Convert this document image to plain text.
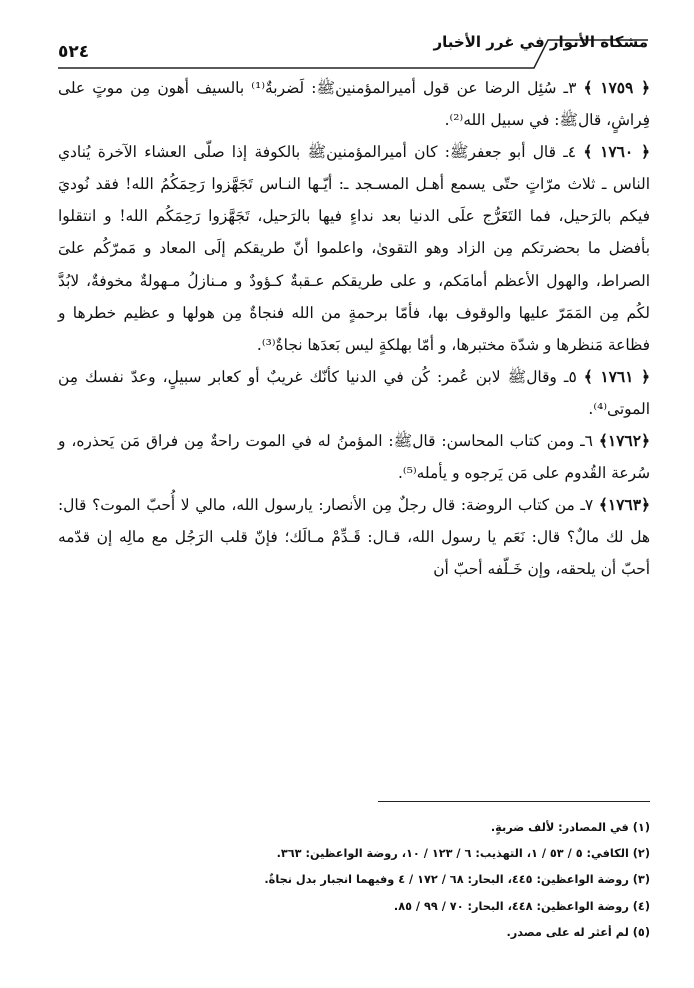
مشكاة الأنوار في غرر الأخبار
٥٢٤

﴿ ١٧٥٩ ﴾ ٣ـ سُئِل الرضا عن قول أميرالمؤمنينﷺ: لَضربةٌ⁽¹⁾ بالسيف أهون مِن موتٍ على فِراشٍ، قالﷺ: في سبيل الله⁽²⁾.

﴿ ١٧٦٠ ﴾ ٤ـ قال أبو جعفرﷺ: كان أميرالمؤمنينﷺ بالكوفة إذا صلّى العشاء الآخرة يُنادي الناس ـ ثلاث مرّاتٍ حتّى يسمع أهـل المسـجد ـ: أيّـها النـاس تَجَهَّزوا رَحِمَكُمُ الله! فقد نُوديَ فيكم بالرَحيل، فما التَعَرُّج علَى الدنيا بعد نداءٍ فيها بالرَحيل، تَجَهَّزوا رَحِمَكُم الله! و انتقلوا بأفضل ما بحضرتكم مِن الزاد وهو التقوىٰ، واعلموا أنّ طريقكم إلَى المعاد و مَمرّكُم علىَ الصراط، والهول الأعظم أمامَكم، و على طريقكم عـقبةٌ كـؤودٌ و مـنازلُ مـهولةٌ مخوفةٌ، لابُدَّ لكُم مِن المَمَرّ عليها والوقوف بها، فأمّا برحمةٍ من الله فنجاةٌ مِن هولها و عظيم خطرها و فظاعة مَنظرها و شدّة مختبرها، و أمّا بهلكةٍ ليس بَعدَها نجاةٌ⁽³⁾.

﴿ ١٧٦١ ﴾ ٥ـ وقالﷺ لابن عُمر: كُن في الدنيا كأنّك غريبٌ أو كعابر سبيلٍ، وعدّ نفسك مِن الموتى⁽⁴⁾.

﴿١٧٦٢﴾ ٦ـ ومن كتاب المحاسن: قالﷺ: المؤمنُ له في الموت راحةٌ مِن فراق مَن يَحذره، و سُرعة القُدوم على مَن يَرجوه و يأمله⁽⁵⁾.

﴿١٧٦٣﴾ ٧ـ من كتاب الروضة: قال رجلٌ مِن الأنصار: يارسول الله، مالي لا أُحبّ الموت؟ قال: هل لك مالٌ؟ قال: نَعَم يا رسول الله، قـال: قَـدِّمْ مـالَك؛ فإنّ قلب الرَجُل مع مالِه إن قدّمه أحبّ أن يلحقه، وإن خَـلّفه أحبّ أن

(١) في المصادر: لألف ضربةٍ.

(٢) الكافي: ٥ / ٥٣ / ١، التهذيب: ٦ / ١٢٣ / ١٠، روضة الواعظين: ٣٦٣.

(٣) روضة الواعظين: ٤٤٥، البحار: ٦٨ / ١٧٢ / ٤ وفيهما انجبار بدل نجاةٌ.

(٤) روضة الواعظين: ٤٤٨، البحار: ٧٠ / ٩٩ / ٨٥.

(٥) لم أعثر له على مصدر.
